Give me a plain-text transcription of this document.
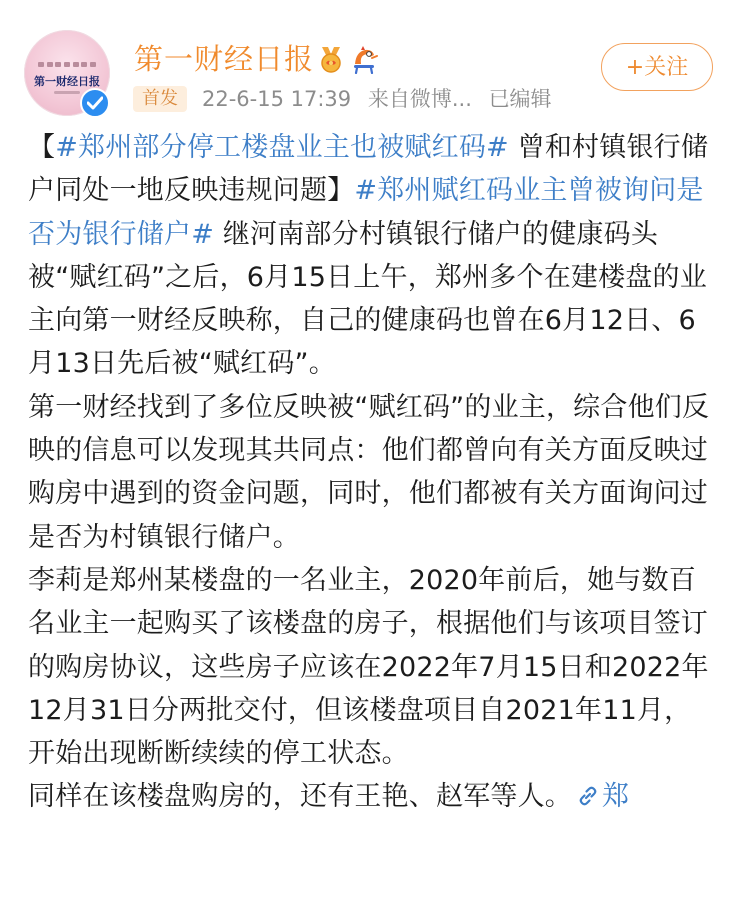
第一财经日报
第一财经日报
首发	22-6-15 17:39 来自微博... 已编辑
+关注

【#郑州部分停工楼盘业主也被赋红码# 曾和村镇银行储户同处一地反映违规问题】#郑州赋红码业主曾被询问是否为银行储户# 继河南部分村镇银行储户的健康码头被“赋红码”之后，6月15日上午，郑州多个在建楼盘的业主向第一财经反映称，自己的健康码也曾在6月12日、6月13日先后被“赋红码”。

第一财经找到了多位反映被“赋红码”的业主，综合他们反映的信息可以发现其共同点：他们都曾向有关方面反映过购房中遇到的资金问题，同时，他们都被有关方面询问过是否为村镇银行储户。

李莉是郑州某楼盘的一名业主，2020年前后，她与数百名业主一起购买了该楼盘的房子，根据他们与该项目签订的购房协议，这些房子应该在2022年7月15日和2022年12月31日分两批交付，但该楼盘项目自2021年11月，开始出现断断续续的停工状态。

同样在该楼盘购房的，还有王艳、赵军等人。 郑
